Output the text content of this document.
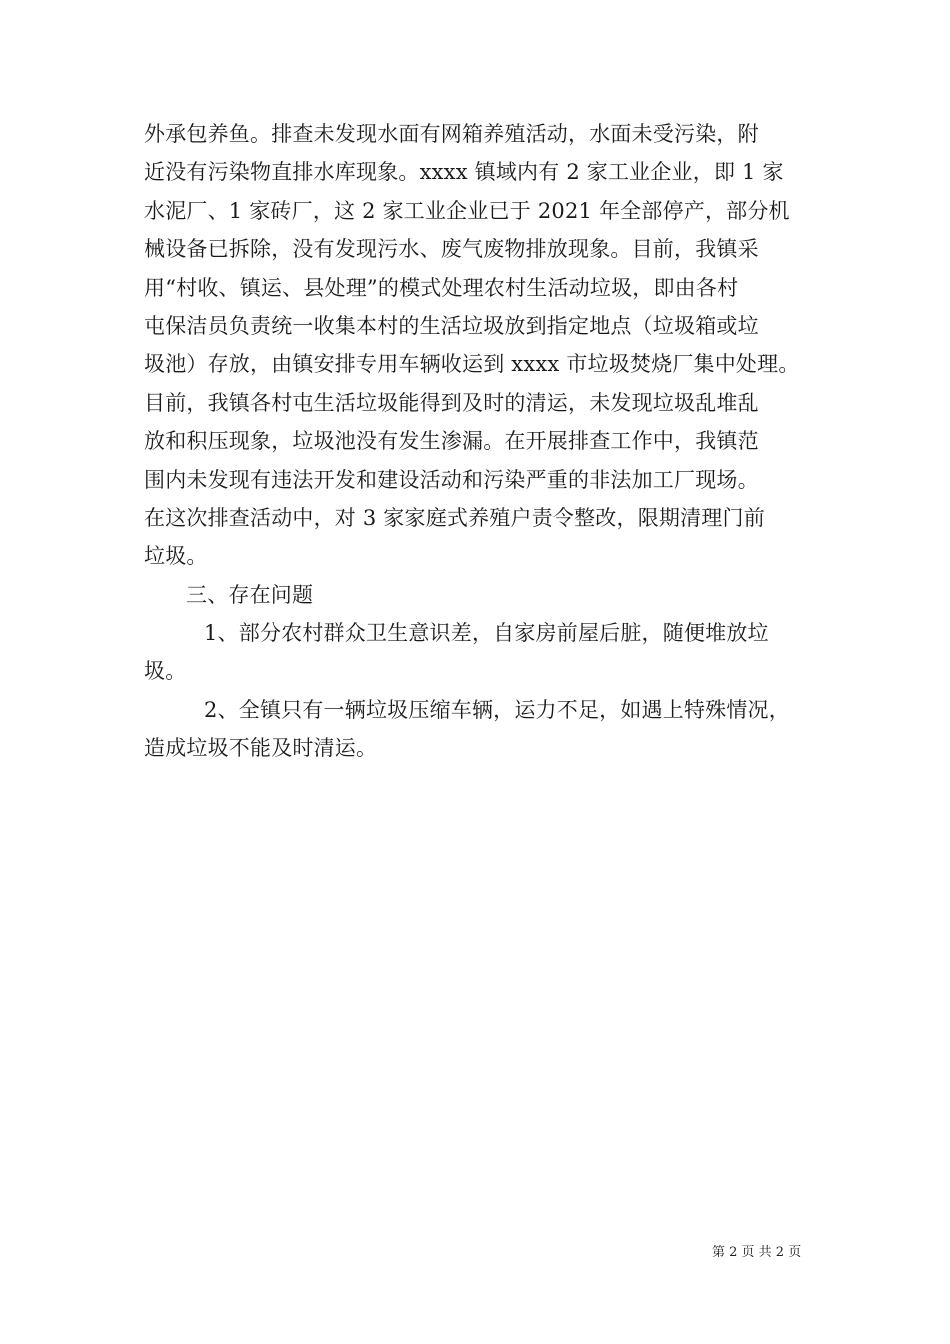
外承包养鱼。排查未发现水面有网箱养殖活动，水面未受污染，附
近没有污染物直排水库现象。xxxx 镇域内有 2 家工业企业，即 1 家
水泥厂、1 家砖厂，这 2 家工业企业已于 2021 年全部停产，部分机
械设备已拆除，没有发现污水、废气废物排放现象。目前，我镇采
用“村收、镇运、县处理”的模式处理农村生活动垃圾，即由各村
屯保洁员负责统一收集本村的生活垃圾放到指定地点（垃圾箱或垃
圾池）存放，由镇安排专用车辆收运到 xxxx 市垃圾焚烧厂集中处理。
目前，我镇各村屯生活垃圾能得到及时的清运，未发现垃圾乱堆乱
放和积压现象，垃圾池没有发生渗漏。在开展排查工作中，我镇范
围内未发现有违法开发和建设活动和污染严重的非法加工厂现场。
在这次排查活动中，对 3 家家庭式养殖户责令整改，限期清理门前
垃圾。
三、存在问题
1、部分农村群众卫生意识差，自家房前屋后脏，随便堆放垃
圾。
2、全镇只有一辆垃圾压缩车辆，运力不足，如遇上特殊情况，
造成垃圾不能及时清运。
第 2 页 共 2 页
